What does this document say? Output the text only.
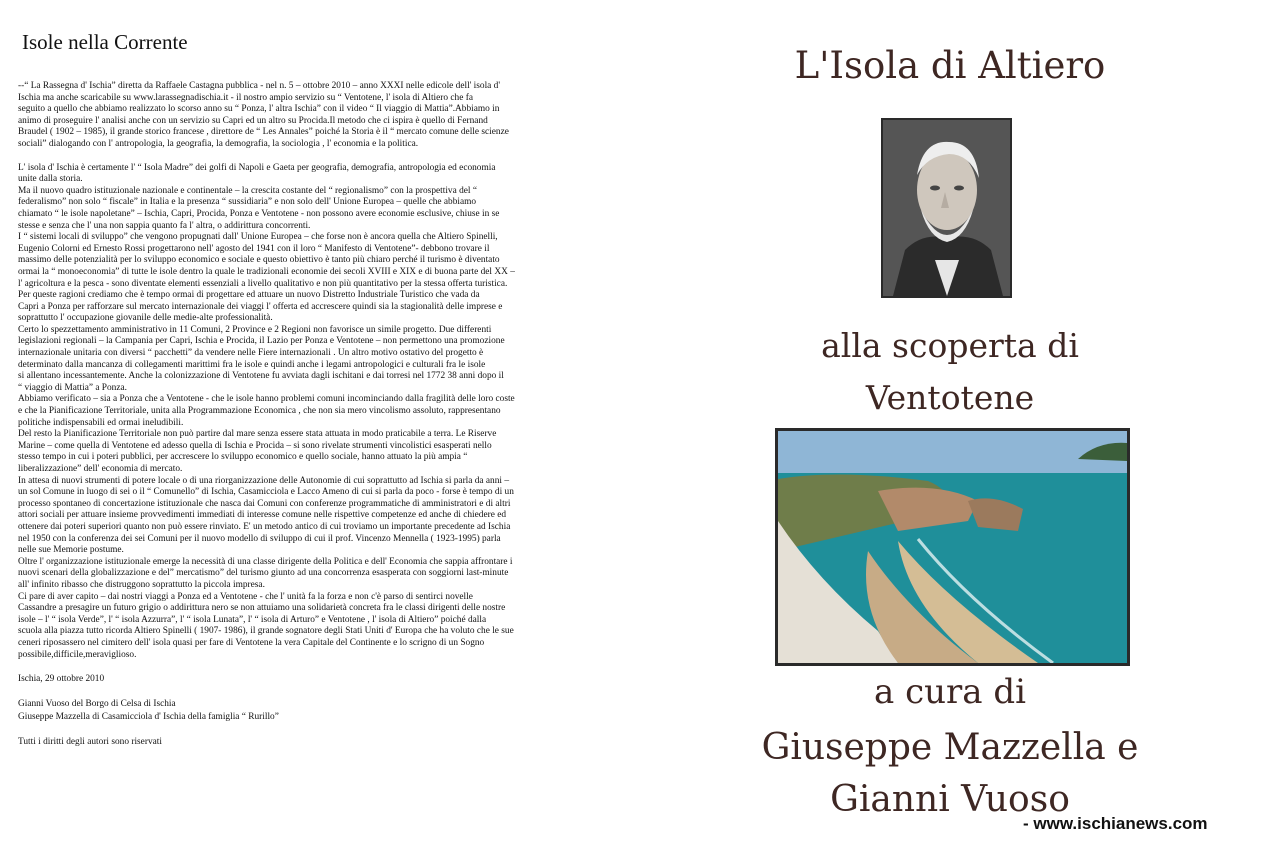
Isole nella Corrente

--“ La Rassegna d' Ischia” diretta da Raffaele Castagna pubblica - nel n. 5 – ottobre 2010 – anno XXXI nelle edicole dell' isola d'
Ischia ma anche scaricabile su www.larassegnadischia.it - il nostro ampio servizio su “ Ventotene, l' isola di Altiero che fa
seguito a quello che abbiamo realizzato lo scorso anno su “ Ponza, l' altra Ischia” con il video “ Il viaggio di Mattia”.Abbiamo in
animo di proseguire l' analisi anche con un servizio su Capri ed un altro su Procida.Il metodo che ci ispira è quello di Fernand
Braudel ( 1902 – 1985), il grande storico francese , direttore de “ Les Annales” poiché la Storia è il “ mercato comune delle scienze
sociali” dialogando con l' antropologia, la geografia, la demografia, la sociologia , l' economia e la politica.

L' isola d' Ischia è certamente l' “ Isola Madre” dei golfi di Napoli e Gaeta per geografia, demografia, antropologia ed economia
unite dalla storia.
Ma il nuovo quadro istituzionale nazionale e continentale – la crescita costante del “ regionalismo” con la prospettiva del “
federalismo” non solo “ fiscale” in Italia e la presenza “ sussidiaria” e non solo dell' Unione Europea – quelle che abbiamo
chiamato “ le isole napoletane” – Ischia, Capri, Procida, Ponza e Ventotene - non possono avere economie esclusive, chiuse in se
stesse e senza che l' una non sappia quanto fa l' altra, o addirittura concorrenti.
I “ sistemi locali di sviluppo” che vengono propugnati dall' Unione Europea – che forse non è ancora quella che Altiero Spinelli,
Eugenio Colorni ed Ernesto Rossi progettarono nell' agosto del 1941 con il loro “ Manifesto di Ventotene”- debbono trovare il
massimo delle potenzialità per lo sviluppo economico e sociale e questo obiettivo è tanto più chiaro perché il turismo è diventato
ormai la “ monoeconomia” di tutte le isole dentro la quale le tradizionali economie dei secoli XVIII e XIX e di buona parte del XX –
l' agricoltura e la pesca - sono diventate elementi essenziali a livello qualitativo e non più quantitativo per la stessa offerta turistica.
Per queste ragioni crediamo che è tempo ormai di progettare ed attuare un nuovo Distretto Industriale Turistico che vada da
Capri a Ponza per rafforzare sul mercato internazionale dei viaggi l' offerta ed accrescere quindi sia la stagionalità delle imprese e
soprattutto l' occupazione giovanile delle medie-alte professionalità.
Certo lo spezzettamento amministrativo in 11 Comuni, 2 Province e 2 Regioni non favorisce un simile progetto. Due differenti
legislazioni regionali – la Campania per Capri, Ischia e Procida, il Lazio per Ponza e Ventotene – non permettono una promozione
internazionale unitaria con diversi “ pacchetti” da vendere nelle Fiere internazionali . Un altro motivo ostativo del progetto è
determinato dalla mancanza di collegamenti marittimi fra le isole e quindi anche i legami antropologici e culturali fra le isole
si allentano incessantemente. Anche la colonizzazione di Ventotene fu avviata dagli ischitani e dai torresi nel 1772 38 anni dopo il
“ viaggio di Mattia” a Ponza.
Abbiamo verificato – sia a Ponza che a Ventotene - che le isole hanno problemi comuni incominciando dalla fragilità delle loro coste
e che la Pianificazione Territoriale, unita alla Programmazione Economica , che non sia mero vincolismo assoluto, rappresentano
politiche indispensabili ed ormai ineludibili.
Del resto la Pianificazione Territoriale non può partire dal mare senza essere stata attuata in modo praticabile a terra. Le Riserve
Marine – come quella di Ventotene ed adesso quella di Ischia e Procida – si sono rivelate strumenti vincolistici esasperati nello
stesso tempo in cui i poteri pubblici, per accrescere lo sviluppo economico e quello sociale, hanno attuato la più ampia “
liberalizzazione” dell' economia di mercato.
In attesa di nuovi strumenti di potere locale o di una riorganizzazione delle Autonomie di cui soprattutto ad Ischia si parla da anni –
un sol Comune in luogo di sei o il “ Comunello” di Ischia, Casamicciola e Lacco Ameno di cui si parla da poco - forse è tempo di un
processo spontaneo di concertazione istituzionale che nasca dai Comuni con conferenze programmatiche di amministratori e di altri
attori sociali per attuare insieme provvedimenti immediati di interesse comune nelle rispettive competenze ed anche di chiedere ed
ottenere dai poteri superiori quanto non può essere rinviato. E' un metodo antico di cui troviamo un importante precedente ad Ischia
nel 1950 con la conferenza dei sei Comuni per il nuovo modello di sviluppo di cui il prof. Vincenzo Mennella ( 1923-1995) parla
nelle sue Memorie postume.
Oltre l' organizzazione istituzionale emerge la necessità di una classe dirigente della Politica e dell' Economia che sappia affrontare i
nuovi scenari della globalizzazione e del” mercatismo” del turismo giunto ad una concorrenza esasperata con soggiorni last-minute
all' infinito ribasso che distruggono soprattutto la piccola impresa.
Ci pare di aver capito – dai nostri viaggi a Ponza ed a Ventotene - che l' unità fa la forza e non c'è parso di sentirci novelle
Cassandre a presagire un futuro grigio o addirittura nero se non attuiamo una solidarietà concreta fra le classi dirigenti delle nostre
isole – l' “ isola Verde”, l' “ isola Azzurra”, l' “ isola Lunata”, l' “ isola di Arturo” e Ventotene , l' isola di Altiero” poiché dalla
scuola alla piazza tutto ricorda Altiero Spinelli ( 1907- 1986), il grande sognatore degli Stati Uniti d' Europa che ha voluto che le sue
ceneri riposassero nel cimitero dell' isola quasi per fare di Ventotene la vera Capitale del Continente e lo scrigno di un Sogno
possibile,difficile,meraviglioso.

Ischia, 29 ottobre 2010

Gianni Vuoso del Borgo di Celsa di Ischia
Giuseppe Mazzella di Casamicciola d' Ischia della famiglia “ Rurillo”

Tutti i diritti degli autori sono riservati

L'Isola di Altiero
alla scoperta di
Ventotene
a cura di
Giuseppe Mazzella e
Gianni Vuoso
- www.ischianews.com
